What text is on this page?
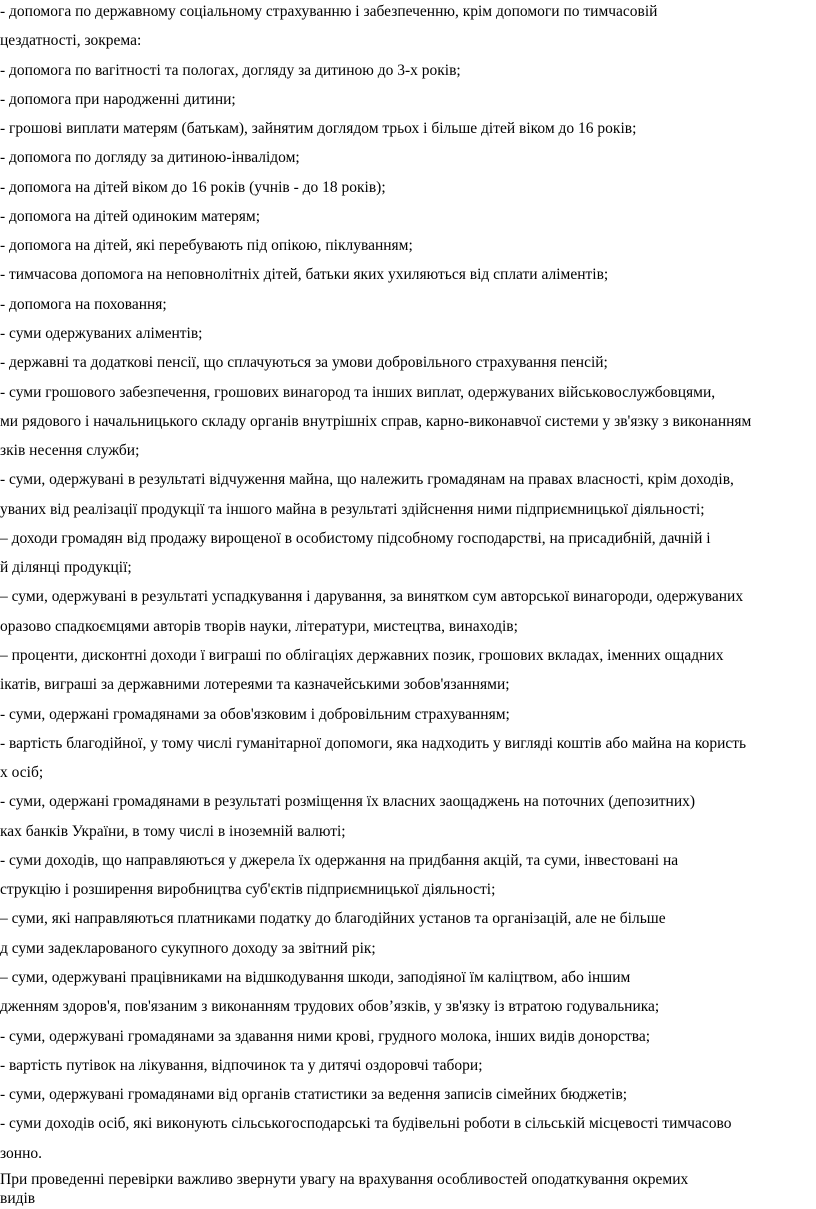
- допомога по державному соціальному страхуванню і забезпеченню, крім допомоги по тимчасовій
цездатності, зокрема:
- допомога по вагітності та пологах, догляду за дитиною до 3-х років;
- допомога при народженні дитини;
- грошові виплати матерям (батькам), зайнятим доглядом трьох і більше дітей віком до 16 років;
- допомога по догляду за дитиною-інвалідом;
- допомога на дітей віком до 16 років (учнів - до 18 років);
- допомога на дітей одиноким матерям;
- допомога на дітей, які перебувають під опікою, піклуванням;
- тимчасова допомога на неповнолітніх дітей, батьки яких ухиляються від сплати аліментів;
- допомога на поховання;
- суми одержуваних аліментів;
- державні та додаткові пенсії, що сплачуються за умови добровільного страхування пенсій;
- суми грошового забезпечення, грошових винагород та інших виплат, одержуваних військовослужбовцями,
ми рядового і начальницького складу органів внутрішніх справ, карно-виконавчої системи у зв'язку з виконанням
зків несення служби;
- суми, одержувані в результаті відчуження майна, що належить громадянам на правах власності, крім доходів,
уваних від реалізації продукції та іншого майна в результаті здійснення ними підприємницької діяльності;
– доходи громадян від продажу вирощеної в особистому підсобному господарстві, на присадибній, дачній і
й ділянці продукції;
– суми, одержувані в результаті успадкування і дарування, за винятком сум авторської винагороди, одержуваних
оразово спадкоємцями авторів творів науки, літератури, мистецтва, винаходів;
– проценти, дисконтні доходи ї виграші по облігаціях державних позик, грошових вкладах, іменних ощадних
ікатів, виграші за державними лотереями та казначейськими зобов'язаннями;
- суми, одержані громадянами за обов'язковим і добровільним страхуванням;
- вартість благодійної, у тому числі гуманітарної допомоги, яка надходить у вигляді коштів або майна на користь
х осіб;
- суми, одержані громадянами в результаті розміщення їх власних заощаджень на поточних (депозитних)
ках банків України, в тому числі в іноземній валюті;
- суми доходів, що направляються у джерела їх одержання на придбання акцій, та суми, інвестовані на
струкцію і розширення виробництва суб'єктів підприємницької діяльності;
– суми, які направляються платниками податку до благодійних установ та організацій, але не більше
д суми задекларованого сукупного доходу за звітний рік;
– суми, одержувані працівниками на відшкодування шкоди, заподіяної їм каліцтвом, або іншим
дженням здоров'я, пов'язаним з виконанням трудових обов’язків, у зв'язку із втратою годувальника;
- суми, одержувані громадянами за здавання ними крові, грудного молока, інших видів донорства;
- вартість путівок на лікування, відпочинок та у дитячі оздоровчі табори;
- суми, одержувані громадянами від органів статистики за ведення записів сімейних бюджетів;
- суми доходів осіб, які виконують сільськогосподарські та будівельні роботи в сільській місцевості тимчасово
зонно.
При проведенні перевірки важливо звернути увагу на врахування особливостей оподаткування окремих
видів
